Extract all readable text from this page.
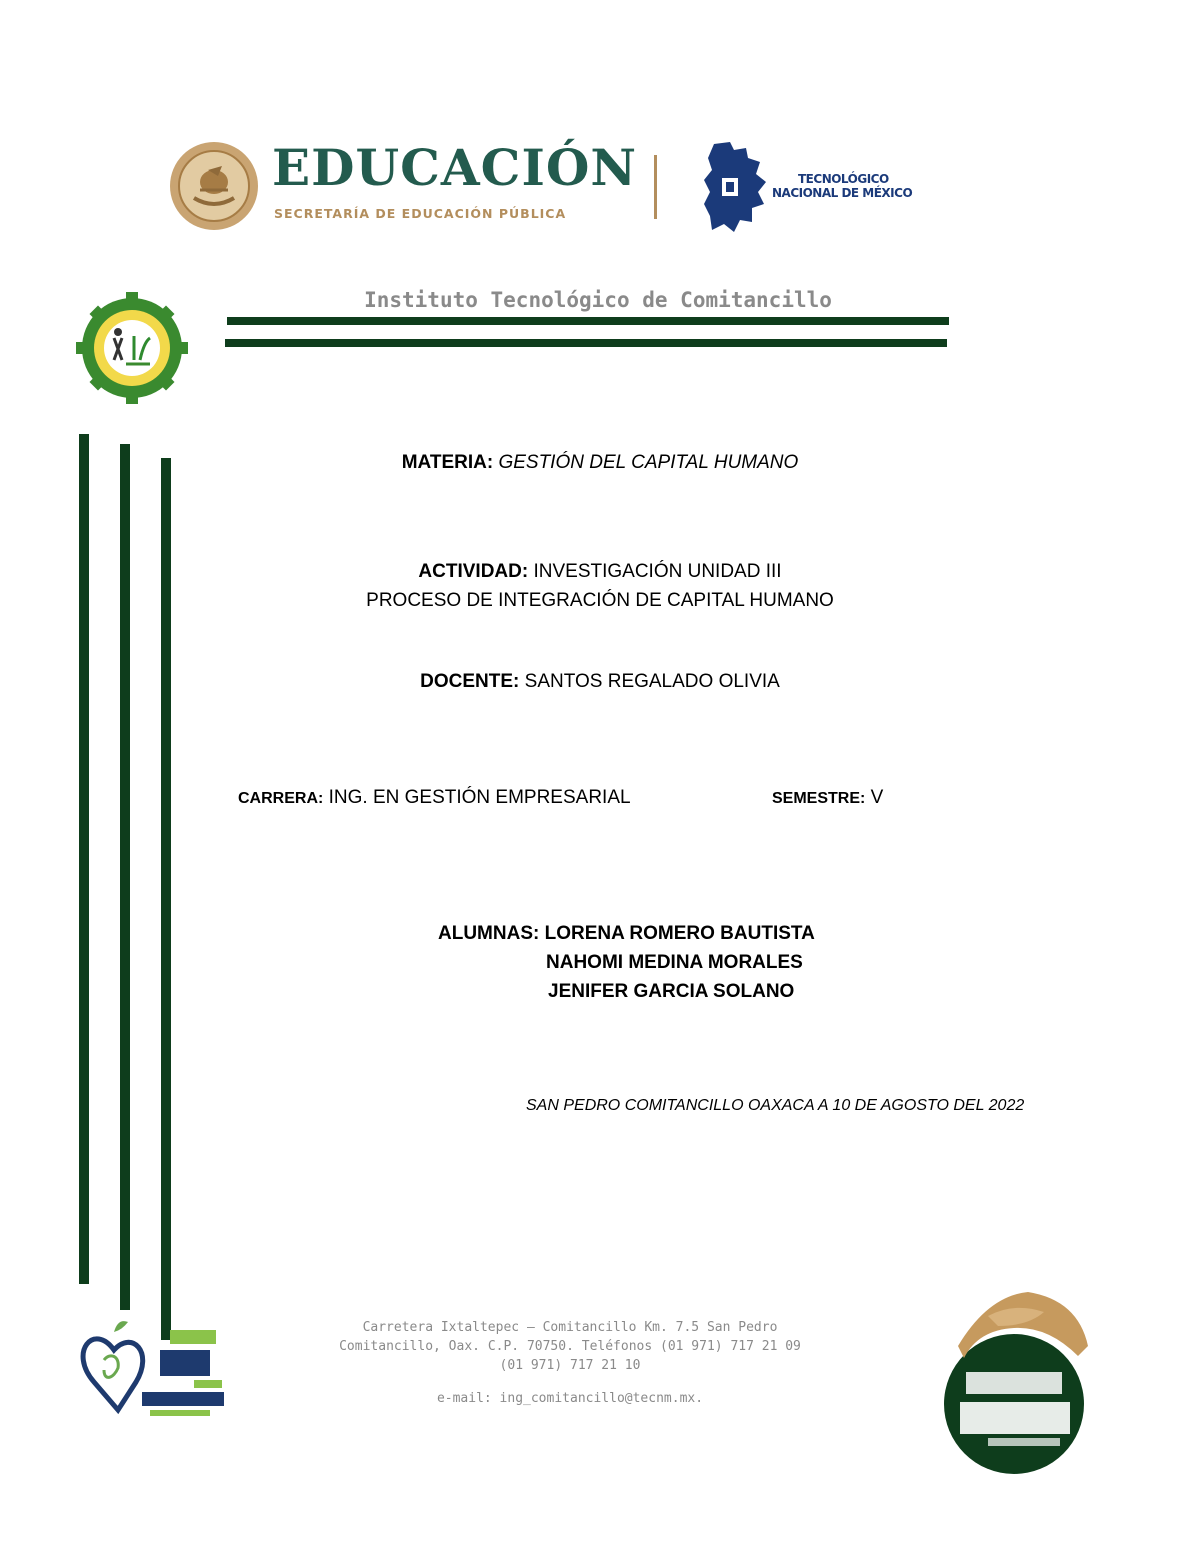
EDUCACIÓN
SECRETARÍA DE EDUCACIÓN PÚBLICA
TECNOLÓGICO
NACIONAL DE MÉXICO
Instituto Tecnológico de Comitancillo
MATERIA: GESTIÓN DEL CAPITAL HUMANO
ACTIVIDAD: INVESTIGACIÓN UNIDAD III
PROCESO DE INTEGRACIÓN DE CAPITAL HUMANO
DOCENTE: SANTOS REGALADO OLIVIA
CARRERA: ING. EN GESTIÓN EMPRESARIAL	SEMESTRE: V
ALUMNAS: LORENA ROMERO BAUTISTA
NAHOMI MEDINA MORALES
JENIFER GARCIA SOLANO
SAN PEDRO COMITANCILLO OAXACA A 10 DE AGOSTO DEL 2022
Carretera Ixtaltepec – Comitancillo Km. 7.5 San Pedro
Comitancillo, Oax. C.P. 70750. Teléfonos (01 971) 717 21 09
(01 971) 717 21 10
e-mail: ing_comitancillo@tecnm.mx.
